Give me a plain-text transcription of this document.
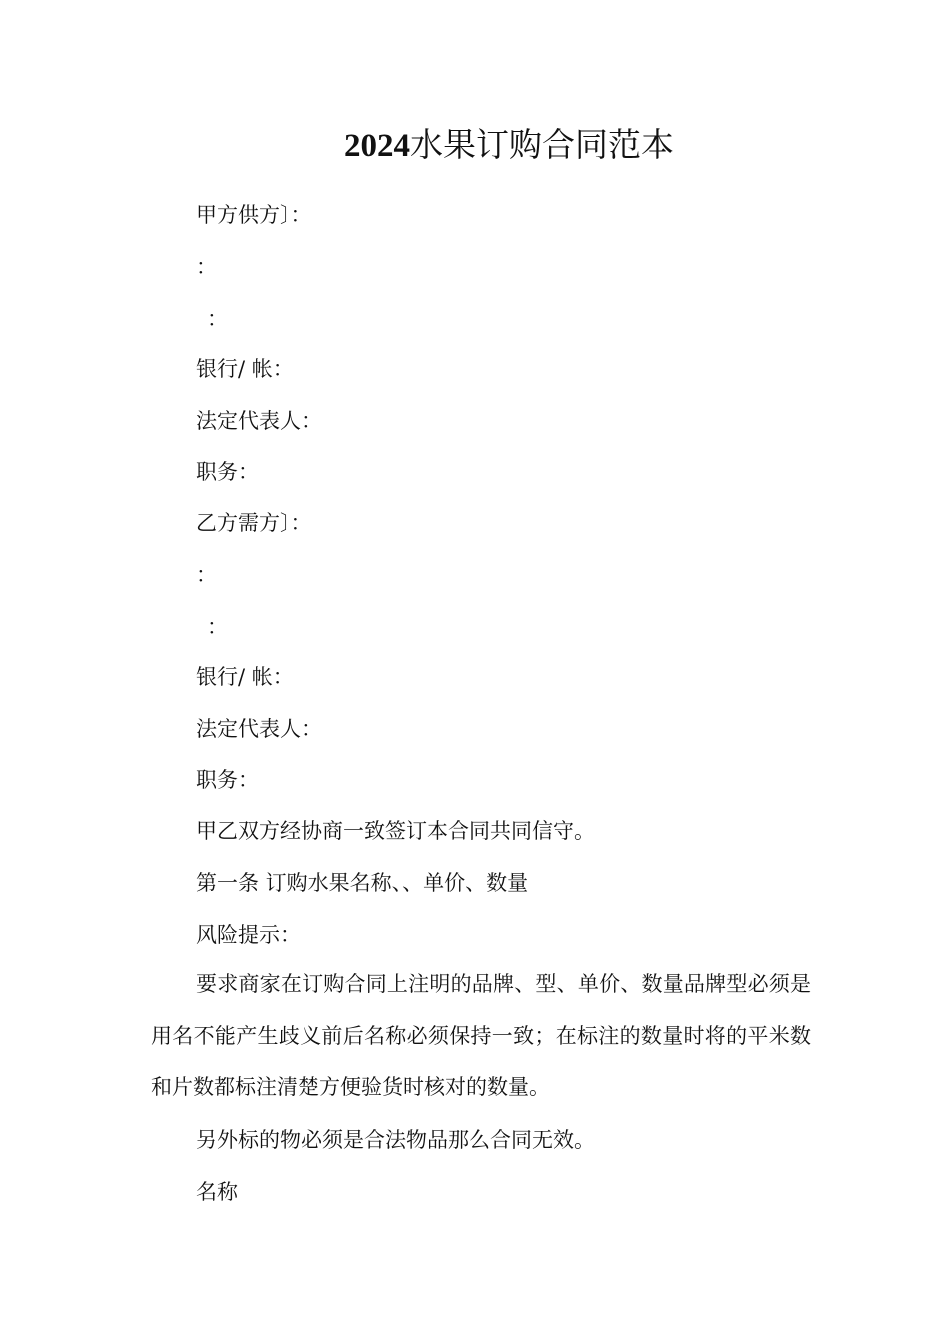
2024水果订购合同范本

甲方供方〕：

：

：

银行/ 帐：

法定代表人：

职务：

乙方需方〕：

：

：

银行/ 帐：

法定代表人：

职务：

甲乙双方经协商一致签订本合同共同信守。

第一条 订购水果名称、、单价、数量

风险提示：

要求商家在订购合同上注明的品牌、型、单价、数量品牌型必须是用名不能产生歧义前后名称必须保持一致；在标注的数量时将的平米数和片数都标注清楚方便验货时核对的数量。

另外标的物必须是合法物品那么合同无效。

名称
